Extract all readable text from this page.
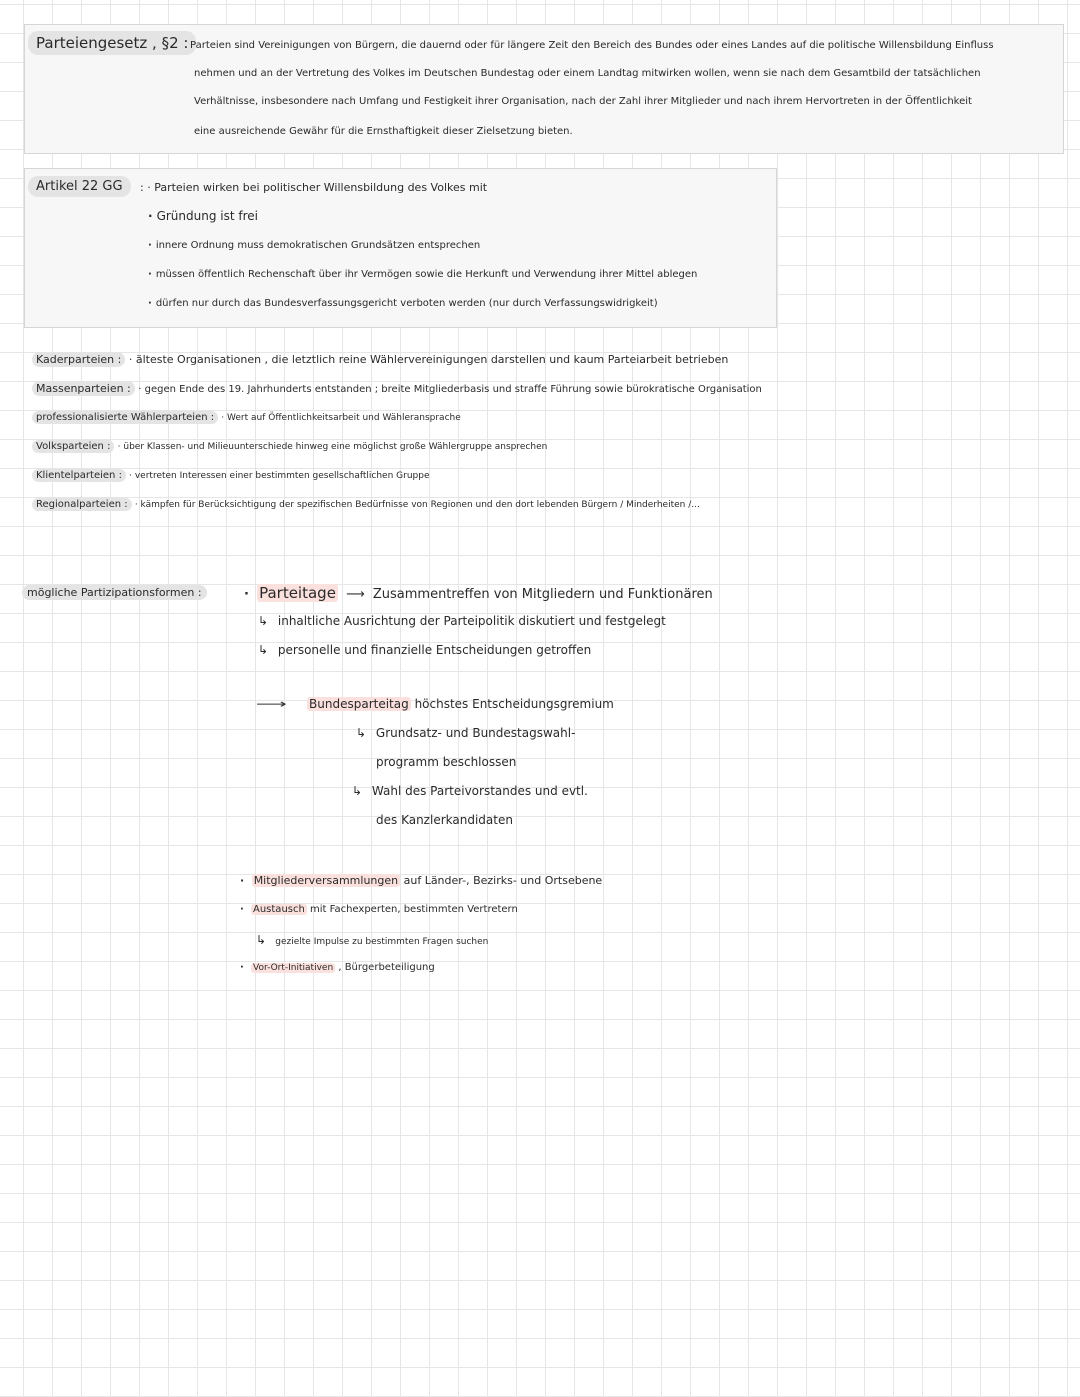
Parteiengesetz , §2 : Parteien sind Vereinigungen von Bürgern, die dauernd oder für längere Zeit den Bereich des Bundes oder eines Landes auf die politische Willensbildung Einfluss
nehmen und an der Vertretung des Volkes im Deutschen Bundestag oder einem Landtag mitwirken wollen, wenn sie nach dem Gesamtbild der tatsächlichen
Verhältnisse, insbesondere nach Umfang und Festigkeit ihrer Organisation, nach der Zahl ihrer Mitglieder und nach ihrem Hervortreten in der Öffentlichkeit
eine ausreichende Gewähr für die Ernsthaftigkeit dieser Zielsetzung bieten.
Artikel 22 GG	: · Parteien wirken bei politischer Willensbildung des Volkes mit
· Gründung ist frei
· innere Ordnung muss demokratischen Grundsätzen entsprechen
· müssen öffentlich Rechenschaft über ihr Vermögen sowie die Herkunft und Verwendung ihrer Mittel ablegen
· dürfen nur durch das Bundesverfassungsgericht verboten werden (nur durch Verfassungswidrigkeit)
Kaderparteien : · älteste Organisationen , die letztlich reine Wählervereinigungen darstellen und kaum Parteiarbeit betrieben
Massenparteien : · gegen Ende des 19. Jahrhunderts entstanden ; breite Mitgliederbasis und straffe Führung sowie bürokratische Organisation
professionalisierte Wählerparteien : · Wert auf Öffentlichkeitsarbeit und Wähleransprache
Volksparteien : · über Klassen- und Milieuunterschiede hinweg eine möglichst große Wählergruppe ansprechen
Klientelparteien : · vertreten Interessen einer bestimmten gesellschaftlichen Gruppe
Regionalparteien : · kämpfen für Berücksichtigung der spezifischen Bedürfnisse von Regionen und den dort lebenden Bürgern / Minderheiten /...
mögliche Partizipationsformen :	· Parteitage ⟶ Zusammentreffen von Mitgliedern und Funktionären
↳ inhaltliche Ausrichtung der Parteipolitik diskutiert und festgelegt
↳ personelle und finanzielle Entscheidungen getroffen
⟶ Bundesparteitag höchstes Entscheidungsgremium
↳ Grundsatz- und Bundestagswahl-
programm beschlossen
↳ Wahl des Parteivorstandes und evtl.
des Kanzlerkandidaten
· Mitgliederversammlungen auf Länder-, Bezirks- und Ortsebene
· Austausch mit Fachexperten, bestimmten Vertretern
↳ gezielte Impulse zu bestimmten Fragen suchen
· Vor-Ort-Initiativen , Bürgerbeteiligung
